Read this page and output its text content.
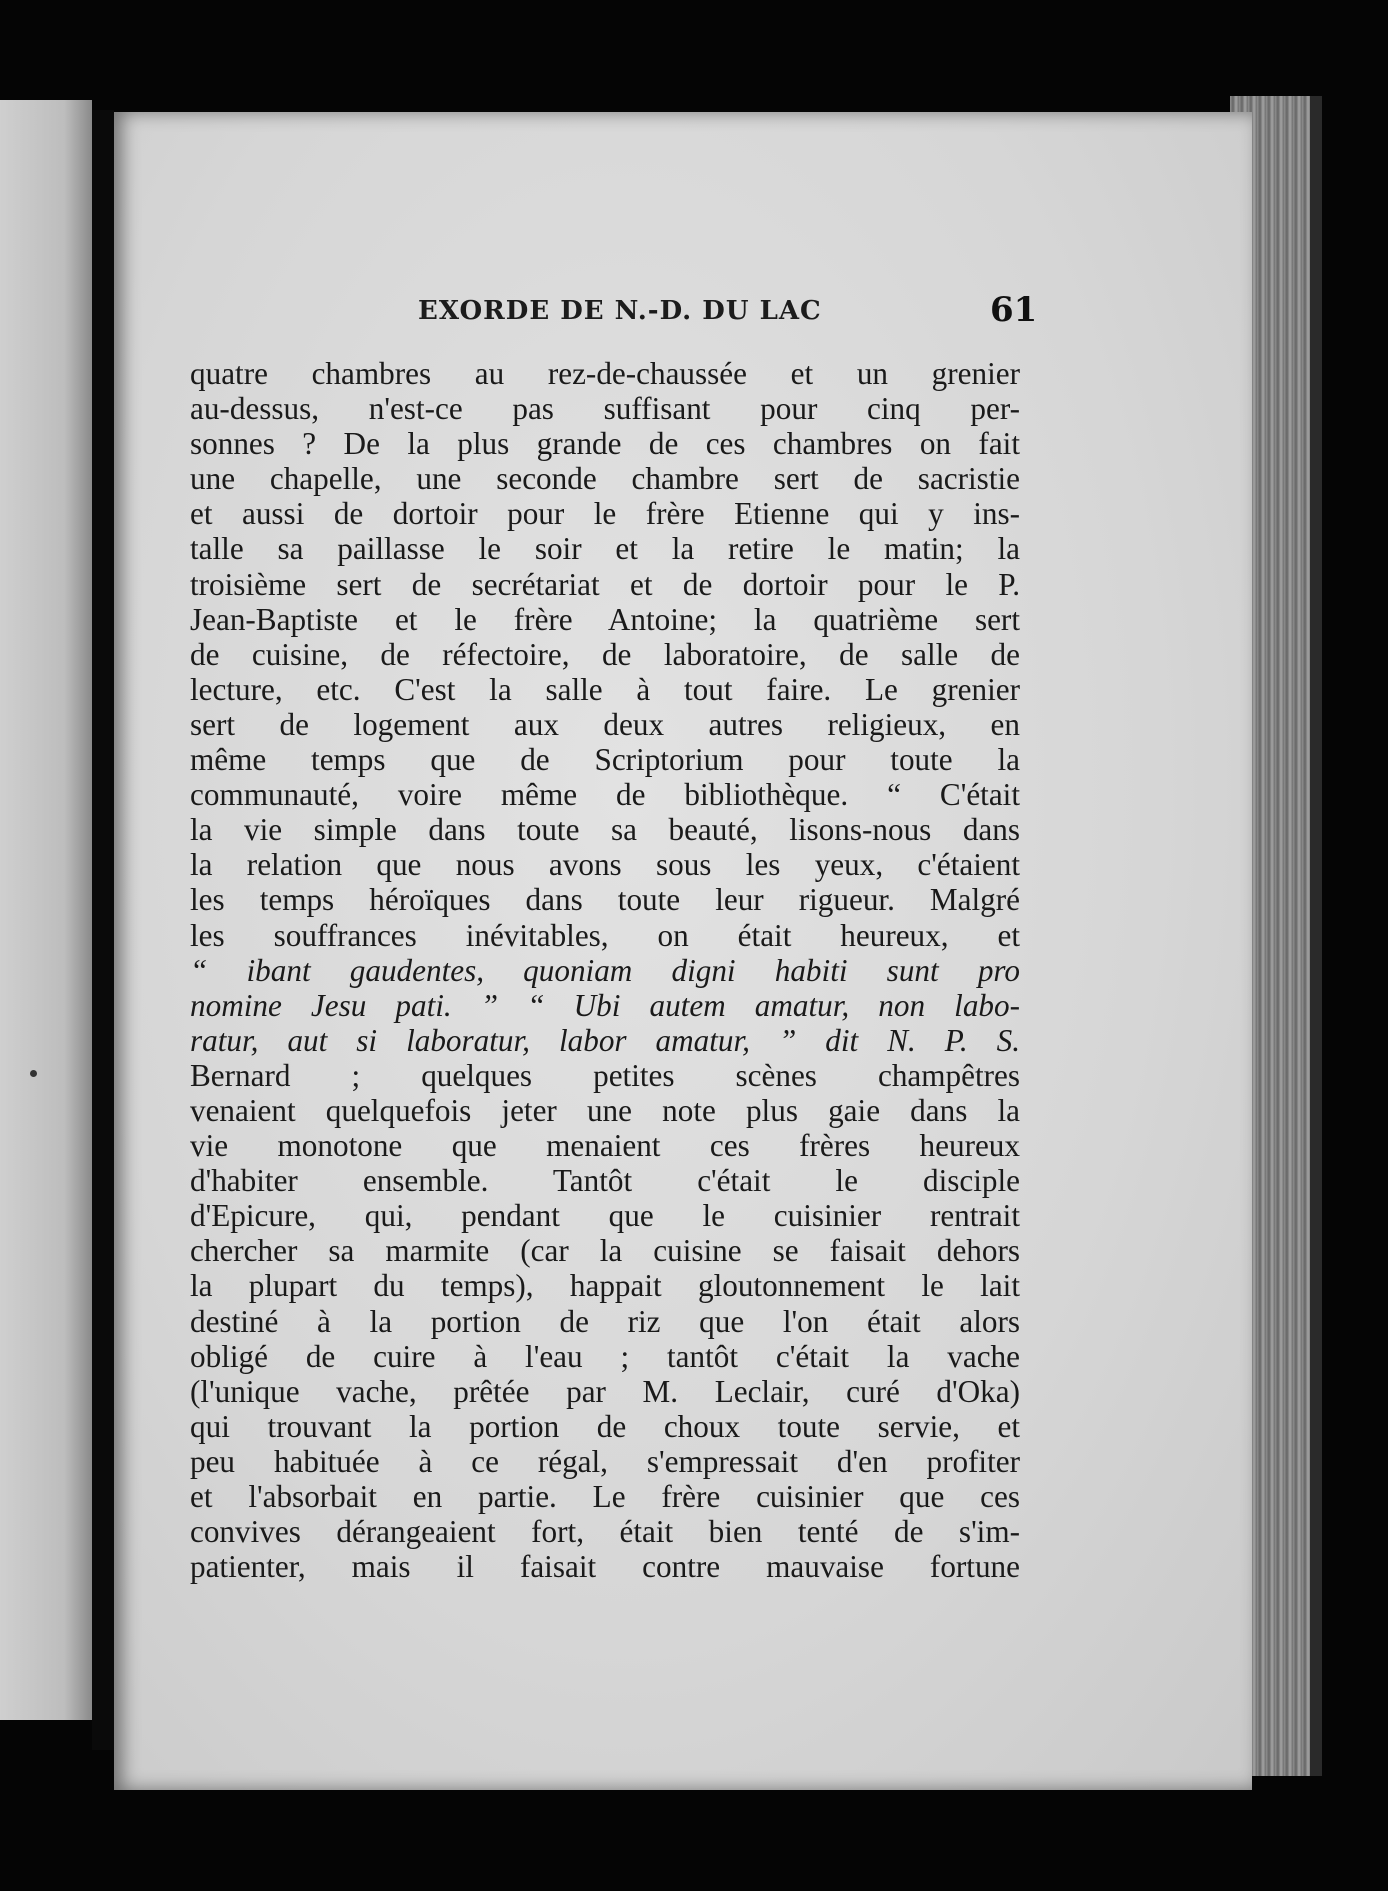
EXORDE DE N.-D. DU LAC	61
quatre chambres au rez-de-chaussée et un grenier
au-dessus, n'est-ce pas suffisant pour cinq per-
sonnes ? De la plus grande de ces chambres on fait
une chapelle, une seconde chambre sert de sacristie
et aussi de dortoir pour le frère Etienne qui y ins-
talle sa paillasse le soir et la retire le matin; la
troisième sert de secrétariat et de dortoir pour le P.
Jean-Baptiste et le frère Antoine; la quatrième sert
de cuisine, de réfectoire, de laboratoire, de salle de
lecture, etc. C'est la salle à tout faire. Le grenier
sert de logement aux deux autres religieux, en
même temps que de Scriptorium pour toute la
communauté, voire même de bibliothèque. “ C'était
la vie simple dans toute sa beauté, lisons-nous dans
la relation que nous avons sous les yeux, c'étaient
les temps héroïques dans toute leur rigueur. Malgré
les souffrances inévitables, on était heureux, et
“ ibant gaudentes, quoniam digni habiti sunt pro
nomine Jesu pati. ” “ Ubi autem amatur, non labo-
ratur, aut si laboratur, labor amatur, ” dit N. P. S.
Bernard ; quelques petites scènes champêtres
venaient quelquefois jeter une note plus gaie dans la
vie monotone que menaient ces frères heureux
d'habiter ensemble. Tantôt c'était le disciple
d'Epicure, qui, pendant que le cuisinier rentrait
chercher sa marmite (car la cuisine se faisait dehors
la plupart du temps), happait gloutonnement le lait
destiné à la portion de riz que l'on était alors
obligé de cuire à l'eau ; tantôt c'était la vache
(l'unique vache, prêtée par M. Leclair, curé d'Oka)
qui trouvant la portion de choux toute servie, et
peu habituée à ce régal, s'empressait d'en profiter
et l'absorbait en partie. Le frère cuisinier que ces
convives dérangeaient fort, était bien tenté de s'im-
patienter, mais il faisait contre mauvaise fortune
